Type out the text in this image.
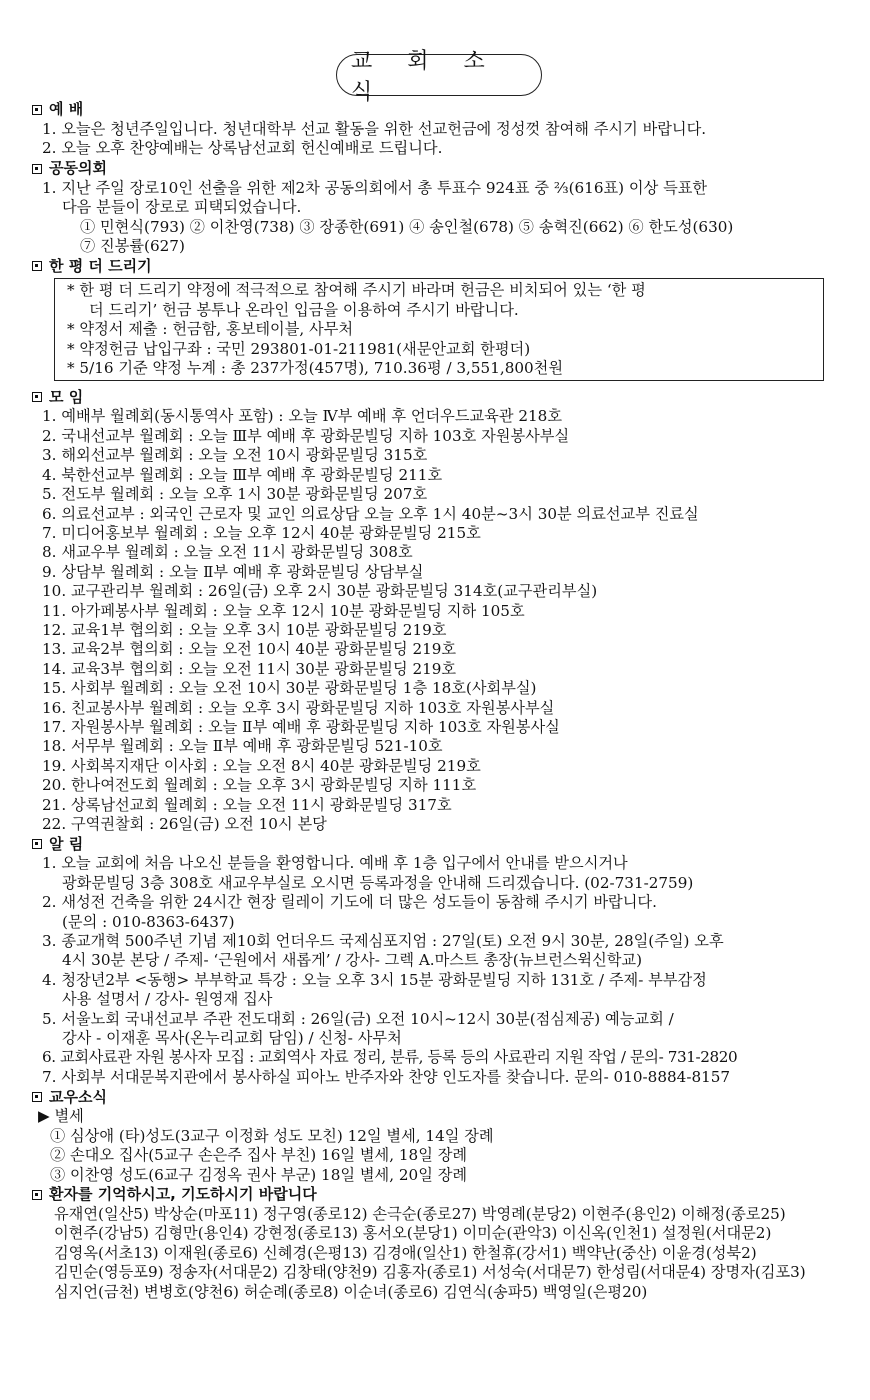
교 회 소 식
예 배
1. 오늘은 청년주일입니다. 청년대학부 선교 활동을 위한 선교헌금에 정성껏 참여해 주시기 바랍니다.
2. 오늘 오후 찬양예배는 상록남선교회 헌신예배로 드립니다.
공동의회
1. 지난 주일 장로10인 선출을 위한 제2차 공동의회에서 총 투표수 924표 중 ⅔(616표) 이상 득표한
다음 분들이 장로로 피택되었습니다.
① 민현식(793) ② 이찬영(738) ③ 장종한(691) ④ 송인철(678) ⑤ 송혁진(662) ⑥ 한도성(630)
⑦ 진봉률(627)
한 평 더 드리기
* 한 평 더 드리기 약정에 적극적으로 참여해 주시기 바라며 헌금은 비치되어 있는 ‘한 평
더 드리기’ 헌금 봉투나 온라인 입금을 이용하여 주시기 바랍니다.
* 약정서 제출 : 헌금함, 홍보테이블, 사무처
* 약정헌금 납입구좌 : 국민 293801-01-211981(새문안교회 한평더)
* 5/16 기준 약정 누계 : 총 237가정(457명), 710.36평 / 3,551,800천원
모 임
1. 예배부 월례회(동시통역사 포함) : 오늘 Ⅳ부 예배 후 언더우드교육관 218호
2. 국내선교부 월례회 : 오늘 Ⅲ부 예배 후 광화문빌딩 지하 103호 자원봉사부실
3. 해외선교부 월례회 : 오늘 오전 10시 광화문빌딩 315호
4. 북한선교부 월례회 : 오늘 Ⅲ부 예배 후 광화문빌딩 211호
5. 전도부 월례회 : 오늘 오후 1시 30분 광화문빌딩 207호
6. 의료선교부 : 외국인 근로자 및 교인 의료상담 오늘 오후 1시 40분~3시 30분 의료선교부 진료실
7. 미디어홍보부 월례회 : 오늘 오후 12시 40분 광화문빌딩 215호
8. 새교우부 월례회 : 오늘 오전 11시 광화문빌딩 308호
9. 상담부 월례회 : 오늘 Ⅱ부 예배 후 광화문빌딩 상담부실
10. 교구관리부 월례회 : 26일(금) 오후 2시 30분 광화문빌딩 314호(교구관리부실)
11. 아가페봉사부 월례회 : 오늘 오후 12시 10분 광화문빌딩 지하 105호
12. 교육1부 협의회 : 오늘 오후 3시 10분 광화문빌딩 219호
13. 교육2부 협의회 : 오늘 오전 10시 40분 광화문빌딩 219호
14. 교육3부 협의회 : 오늘 오전 11시 30분 광화문빌딩 219호
15. 사회부 월례회 : 오늘 오전 10시 30분 광화문빌딩 1층 18호(사회부실)
16. 친교봉사부 월례회 : 오늘 오후 3시 광화문빌딩 지하 103호 자원봉사부실
17. 자원봉사부 월례회 : 오늘 Ⅱ부 예배 후 광화문빌딩 지하 103호 자원봉사실
18. 서무부 월례회 : 오늘 Ⅱ부 예배 후 광화문빌딩 521-10호
19. 사회복지재단 이사회 : 오늘 오전 8시 40분 광화문빌딩 219호
20. 한나여전도회 월례회 : 오늘 오후 3시 광화문빌딩 지하 111호
21. 상록남선교회 월례회 : 오늘 오전 11시 광화문빌딩 317호
22. 구역권찰회 : 26일(금) 오전 10시 본당
알 림
1. 오늘 교회에 처음 나오신 분들을 환영합니다. 예배 후 1층 입구에서 안내를 받으시거나
광화문빌딩 3층 308호 새교우부실로 오시면 등록과정을 안내해 드리겠습니다. (02-731-2759)
2. 새성전 건축을 위한 24시간 현장 릴레이 기도에 더 많은 성도들이 동참해 주시기 바랍니다.
(문의 : 010-8363-6437)
3. 종교개혁 500주년 기념 제10회 언더우드 국제심포지엄 : 27일(토) 오전 9시 30분, 28일(주일) 오후
4시 30분 본당 / 주제- ‘근원에서 새롭게’ / 강사- 그렉 A.마스트 총장(뉴브런스윅신학교)
4. 청장년2부 <동행> 부부학교 특강 : 오늘 오후 3시 15분 광화문빌딩 지하 131호 / 주제- 부부감정
사용 설명서 / 강사- 원영재 집사
5. 서울노회 국내선교부 주관 전도대회 : 26일(금) 오전 10시~12시 30분(점심제공) 예능교회 /
강사 - 이재훈 목사(온누리교회 담임) / 신청- 사무처
6. 교회사료관 자원 봉사자 모집 : 교회역사 자료 정리, 분류, 등록 등의 사료관리 지원 작업 / 문의- 731-2820
7. 사회부 서대문복지관에서 봉사하실 피아노 반주자와 찬양 인도자를 찾습니다. 문의- 010-8884-8157
교우소식
▶ 별세
① 심상애 (타)성도(3교구 이정화 성도 모친) 12일 별세, 14일 장례
② 손대오 집사(5교구 손은주 집사 부친) 16일 별세, 18일 장례
③ 이찬영 성도(6교구 김정옥 권사 부군) 18일 별세, 20일 장례
환자를 기억하시고, 기도하시기 바랍니다
유재연(일산5) 박상순(마포11) 정구영(종로12) 손극순(종로27) 박영례(분당2) 이현주(용인2) 이해정(종로25)
이현주(강남5) 김형만(용인4) 강현정(종로13) 홍서오(분당1) 이미순(관악3) 이신옥(인천1) 설정원(서대문2)
김영옥(서초13) 이재원(종로6) 신혜경(은평13) 김경애(일산1) 한철휴(강서1) 백약난(중산) 이윤경(성북2)
김민순(영등포9) 정송자(서대문2) 김창태(양천9) 김홍자(종로1) 서성숙(서대문7) 한성림(서대문4) 장명자(김포3)
심지언(금천) 변병호(양천6) 허순례(종로8) 이순녀(종로6) 김연식(송파5) 백영일(은평20)
